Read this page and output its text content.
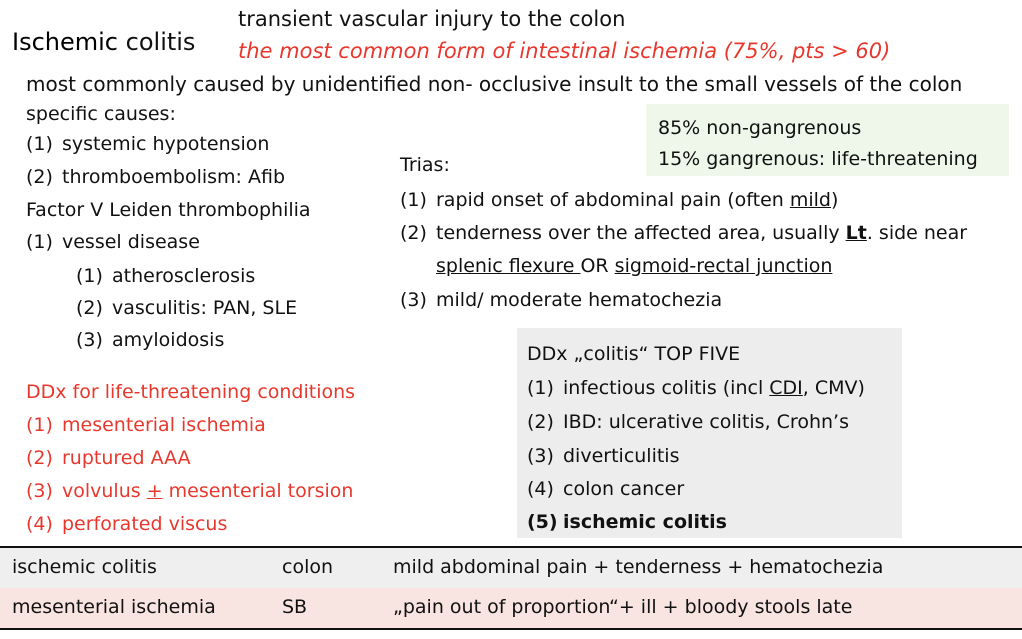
Ischemic colitis
transient vascular injury to the colon
the most common form of intestinal ischemia (75%, pts > 60)
most commonly caused by unidentified non- occlusive insult to the small vessels of the colon
specific causes:
(1) systemic hypotension
(2) thromboembolism: Afib
Factor V Leiden thrombophilia
(1) vessel disease
(1) atherosclerosis
(2) vasculitis: PAN, SLE
(3) amyloidosis
85% non-gangrenous
15% gangrenous: life-threatening
Trias:
(1) rapid onset of abdominal pain (often mild)
(2) tenderness over the affected area, usually Lt. side near
splenic flexure OR sigmoid-rectal junction
(3) mild/ moderate hematochezia
DDx for life-threatening conditions
(1) mesenterial ischemia
(2) ruptured AAA
(3) volvulus + mesenterial torsion
(4) perforated viscus
DDx „colitis“ TOP FIVE
(1) infectious colitis (incl CDI, CMV)
(2) IBD: ulcerative colitis, Crohn’s
(3) diverticulitis
(4) colon cancer
(5) ischemic colitis
ischemic colitis	colon	mild abdominal pain + tenderness + hematochezia
mesenterial ischemia	SB	„pain out of proportion“+ ill + bloody stools late
